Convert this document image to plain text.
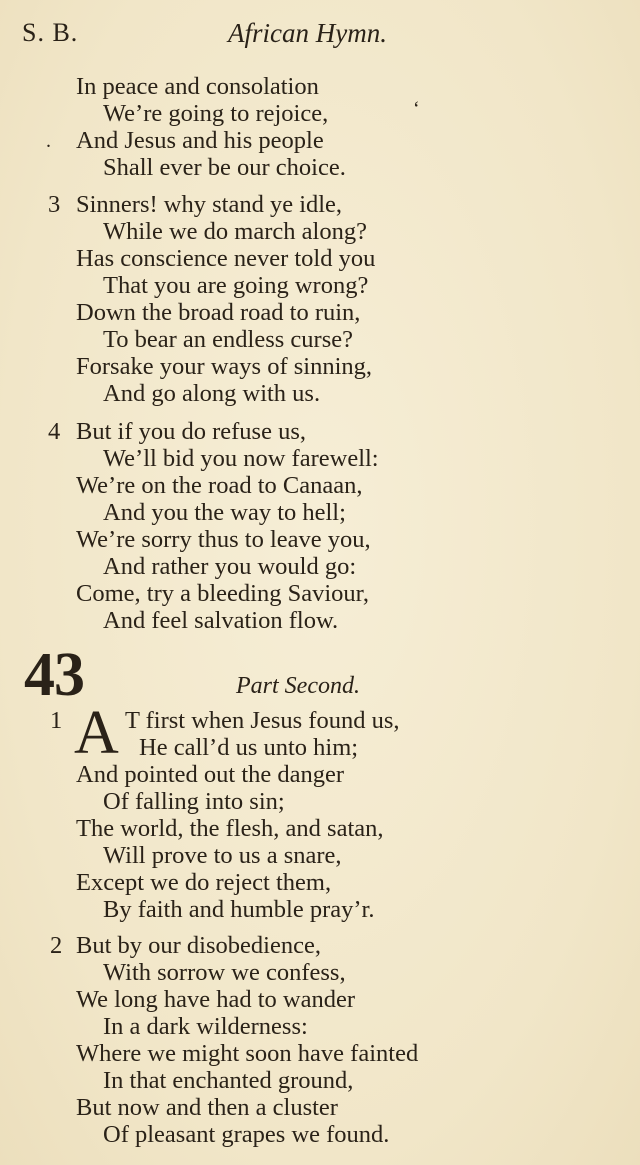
S. B.	African Hymn.
In peace and consolation
We’re going to rejoice,
And Jesus and his people
Shall ever be our choice.
3 Sinners! why stand ye idle,
While we do march along?
Has conscience never told you
That you are going wrong?
Down the broad road to ruin,
To bear an endless curse?
Forsake your ways of sinning,
And go along with us.
4 But if you do refuse us,
We’ll bid you now farewell:
We’re on the road to Canaan,
And you the way to hell;
We’re sorry thus to leave you,
And rather you would go:
Come, try a bleeding Saviour,
And feel salvation flow.
43	Part Second.
1 A T first when Jesus found us,
He call’d us unto him;
And pointed out the danger
Of falling into sin;
The world, the flesh, and satan,
Will prove to us a snare,
Except we do reject them,
By faith and humble pray’r.
2 But by our disobedience,
With sorrow we confess,
We long have had to wander
In a dark wilderness:
Where we might soon have fainted
In that enchanted ground,
But now and then a cluster
Of pleasant grapes we found.
.
ʻ
